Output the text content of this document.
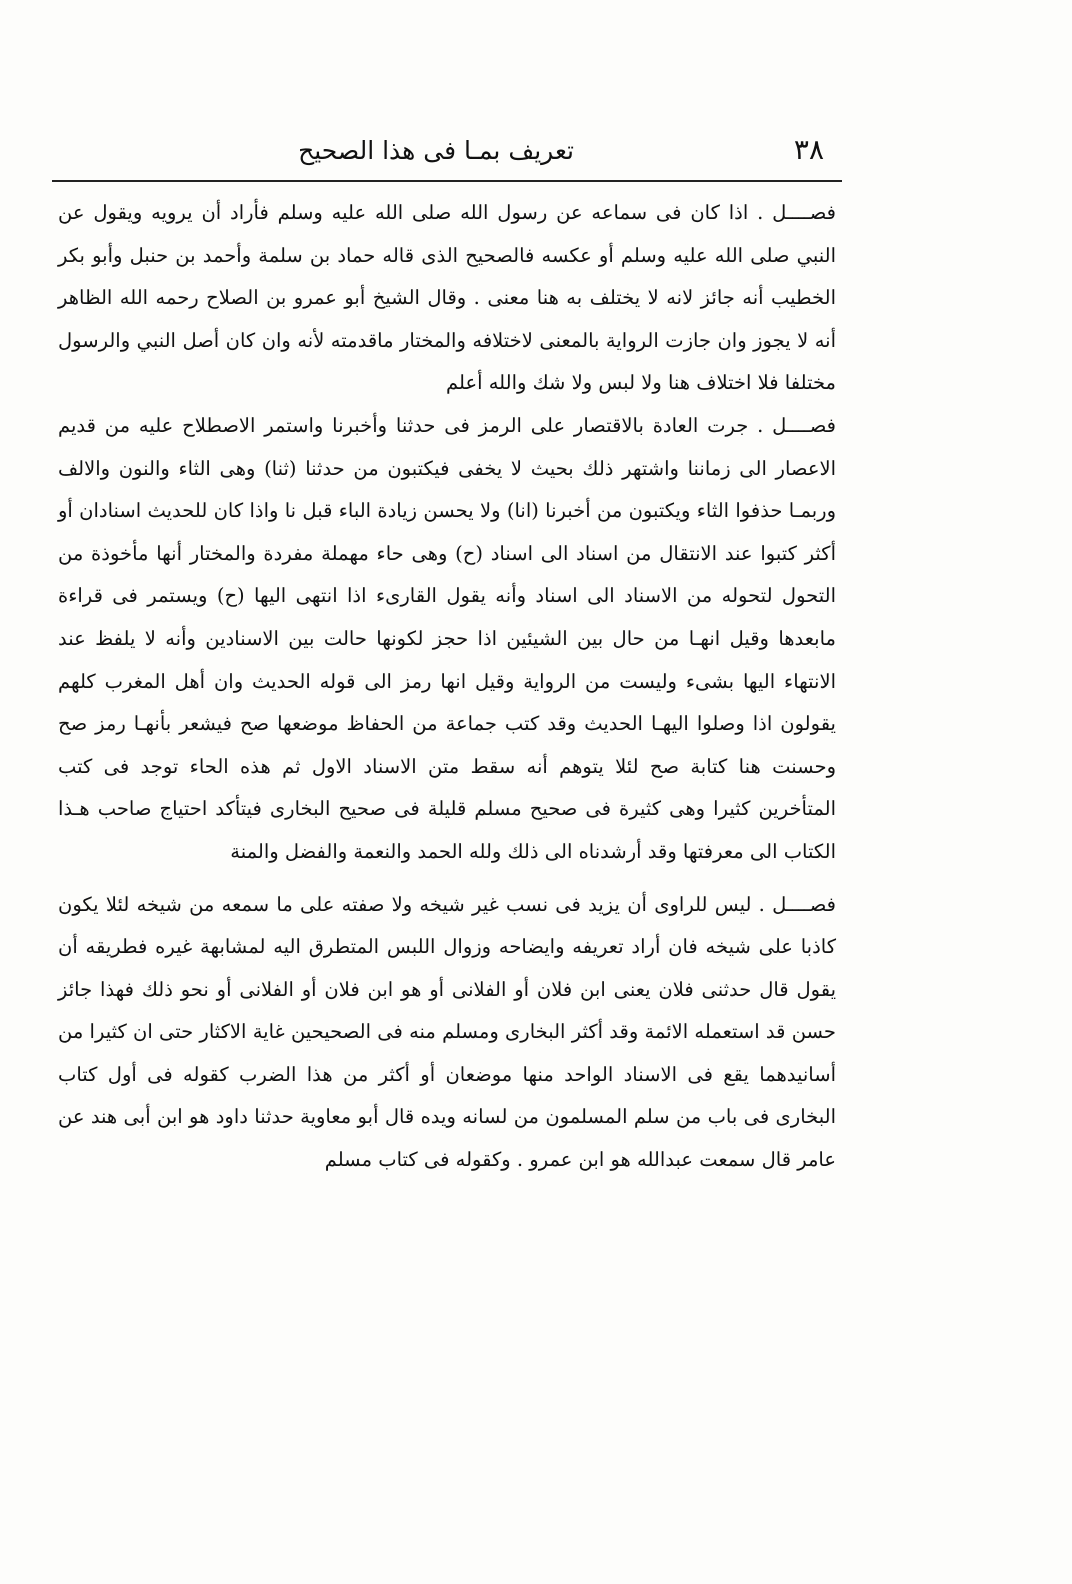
٣٨
تعريف بمـا فى هذا الصحيح

فصــــل . اذا كان فى سماعه عن رسول الله صلى الله عليه وسلم فأراد أن يرويه ويقول عن النبي صلى الله عليه وسلم أو عكسه فالصحيح الذى قاله حماد بن سلمة وأحمد بن حنبل وأبو بكر الخطيب أنه جائز لانه لا يختلف به هنا معنى . وقال الشيخ أبو عمرو بن الصلاح رحمه الله الظاهر أنه لا يجوز وان جازت الرواية بالمعنى لاختلافه والمختار ماقدمته لأنه وان كان أصل النبي والرسول مختلفا فلا اختلاف هنا ولا لبس ولا شك والله أعلم

فصــــل . جرت العادة بالاقتصار على الرمز فى حدثنا وأخبرنا واستمر الاصطلاح عليه من قديم الاعصار الى زماننا واشتهر ذلك بحيث لا يخفى فيكتبون من حدثنا (ثنا) وهى الثاء والنون والالف وربمـا حذفوا الثاء ويكتبون من أخبرنا (انا) ولا يحسن زيادة الباء قبل نا واذا كان للحديث اسنادان أو أكثر كتبوا عند الانتقال من اسناد الى اسناد (ح) وهى حاء مهملة مفردة والمختار أنها مأخوذة من التحول لتحوله من الاسناد الى اسناد وأنه يقول القارىء اذا انتهى اليها (ح) ويستمر فى قراءة مابعدها وقيل انهـا من حال بين الشيئين اذا حجز لكونها حالت بين الاسنادين وأنه لا يلفظ عند الانتهاء اليها بشىء وليست من الرواية وقيل انها رمز الى قوله الحديث وان أهل المغرب كلهم يقولون اذا وصلوا اليهـا الحديث وقد كتب جماعة من الحفاظ موضعها صح فيشعر بأنهـا رمز صح وحسنت هنا كتابة صح لئلا يتوهم أنه سقط متن الاسناد الاول ثم هذه الحاء توجد فى كتب المتأخرين كثيرا وهى كثيرة فى صحيح مسلم قليلة فى صحيح البخارى فيتأكد احتياج صاحب هـذا الكتاب الى معرفتها وقد أرشدناه الى ذلك ولله الحمد والنعمة والفضل والمنة

فصــــل . ليس للراوى أن يزيد فى نسب غير شيخه ولا صفته على ما سمعه من شيخه لئلا يكون كاذبا على شيخه فان أراد تعريفه وايضاحه وزوال اللبس المتطرق اليه لمشابهة غيره فطريقه أن يقول قال حدثنى فلان يعنى ابن فلان أو الفلانى أو هو ابن فلان أو الفلانى أو نحو ذلك فهذا جائز حسن قد استعمله الائمة وقد أكثر البخارى ومسلم منه فى الصحيحين غاية الاكثار حتى ان كثيرا من أسانيدهما يقع فى الاسناد الواحد منها موضعان أو أكثر من هذا الضرب كقوله فى أول كتاب البخارى فى باب من سلم المسلمون من لسانه ويده قال أبو معاوية حدثنا داود هو ابن أبى هند عن عامر قال سمعت عبدالله هو ابن عمرو . وكقوله فى كتاب مسلم
